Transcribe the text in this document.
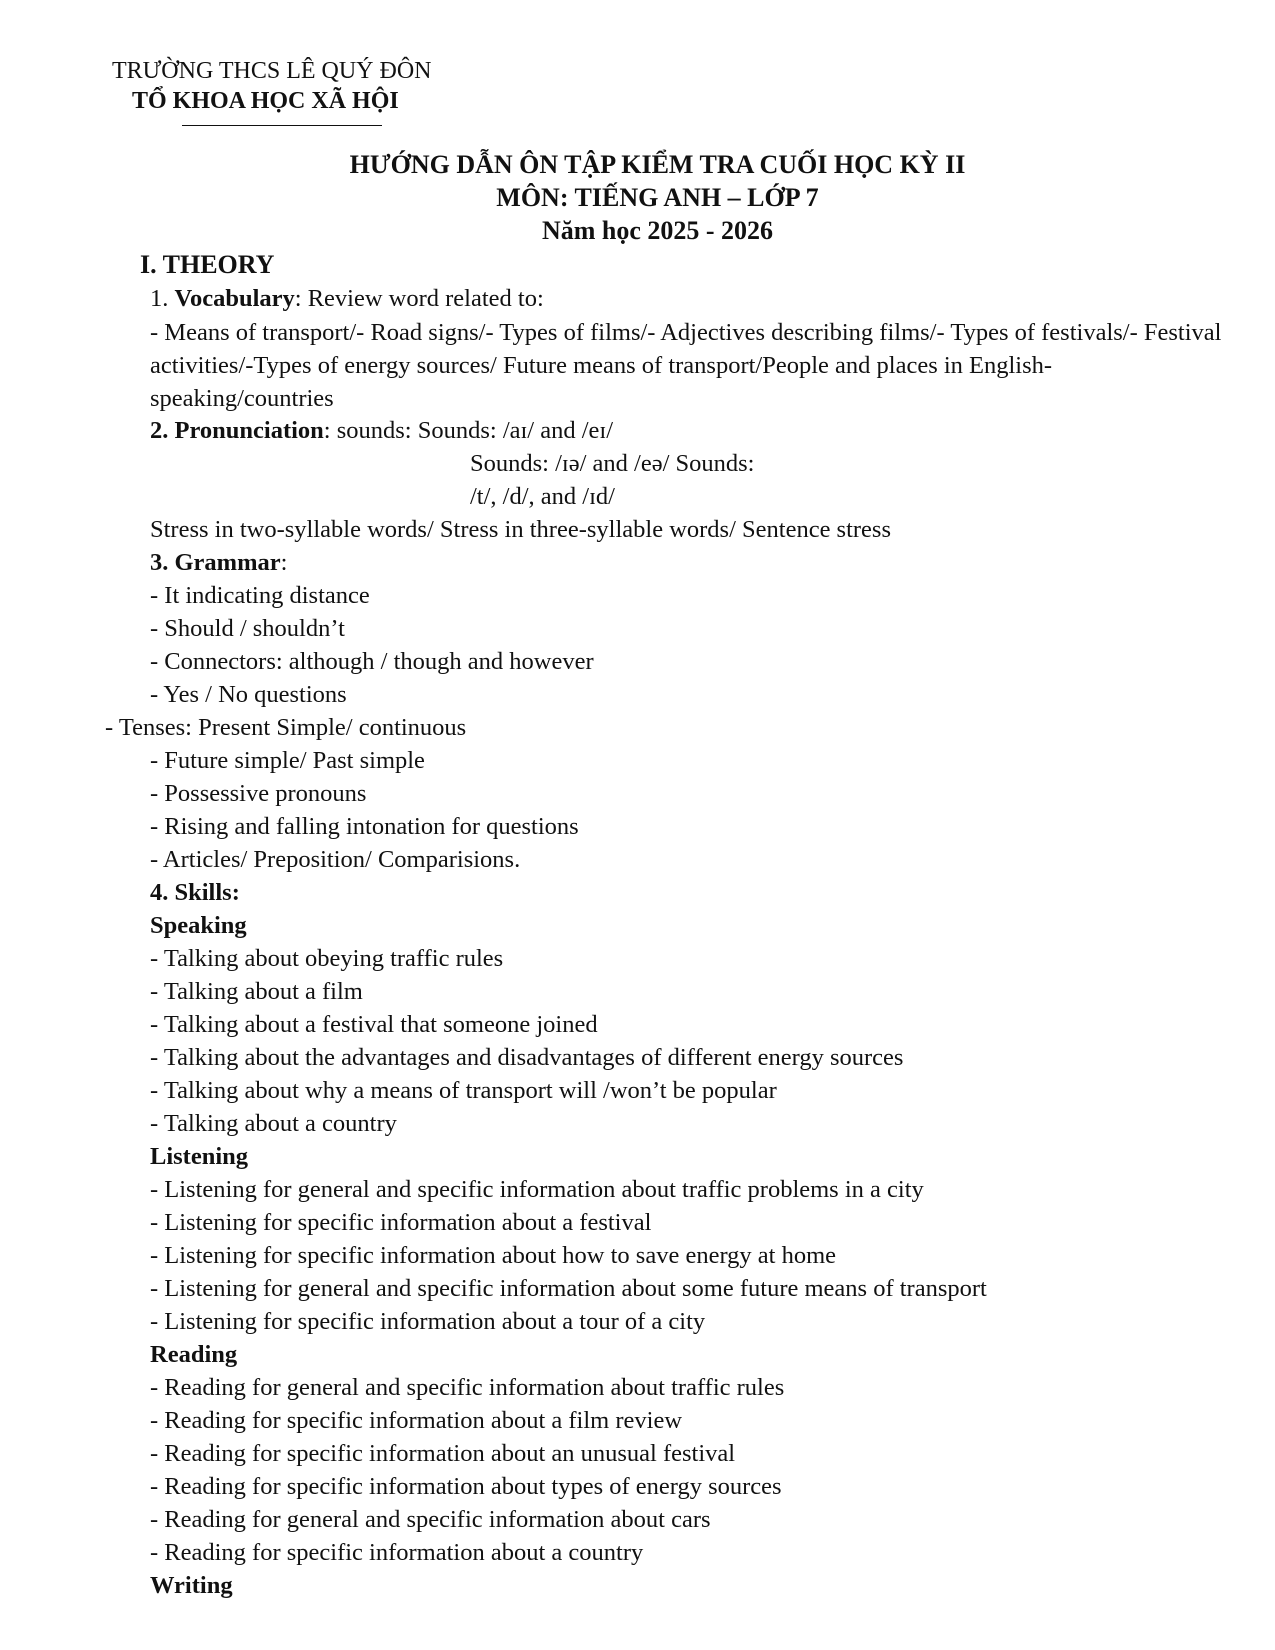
TRƯỜNG THCS LÊ QUÝ ĐÔN
TỔ KHOA HỌC XÃ HỘI
HƯỚNG DẪN ÔN TẬP KIỂM TRA CUỐI HỌC KỲ II
MÔN: TIẾNG ANH – LỚP 7
Năm học 2025 - 2026
I. THEORY
1. Vocabulary: Review word related to:
- Means of transport/- Road signs/- Types of films/- Adjectives describing films/- Types of festivals/- Festival activities/-Types of energy sources/ Future means of transport/People and places in English-speaking/countries
2. Pronunciation: sounds: Sounds: /aɪ/ and /eɪ/
Sounds: /ɪə/ and /eə/ Sounds:
/t/, /d/, and /ɪd/
Stress in two-syllable words/ Stress in three-syllable words/ Sentence stress
3. Grammar:
- It indicating distance
- Should / shouldn’t
- Connectors: although / though and however
- Yes / No questions
- Tenses: Present Simple/ continuous
- Future simple/ Past simple
- Possessive pronouns
- Rising and falling intonation for questions
- Articles/ Preposition/ Comparisions.
4. Skills:
Speaking
- Talking about obeying traffic rules
- Talking about a film
- Talking about a festival that someone joined
- Talking about the advantages and disadvantages of different energy sources
- Talking about why a means of transport will /won’t be popular
- Talking about a country
Listening
- Listening for general and specific information about traffic problems in a city
- Listening for specific information about a festival
- Listening for specific information about how to save energy at home
- Listening for general and specific information about some future means of transport
- Listening for specific information about a tour of a city
Reading
- Reading for general and specific information about traffic rules
- Reading for specific information about a film review
- Reading for specific information about an unusual festival
- Reading for specific information about types of energy sources
- Reading for general and specific information about cars
- Reading for specific information about a country
Writing
